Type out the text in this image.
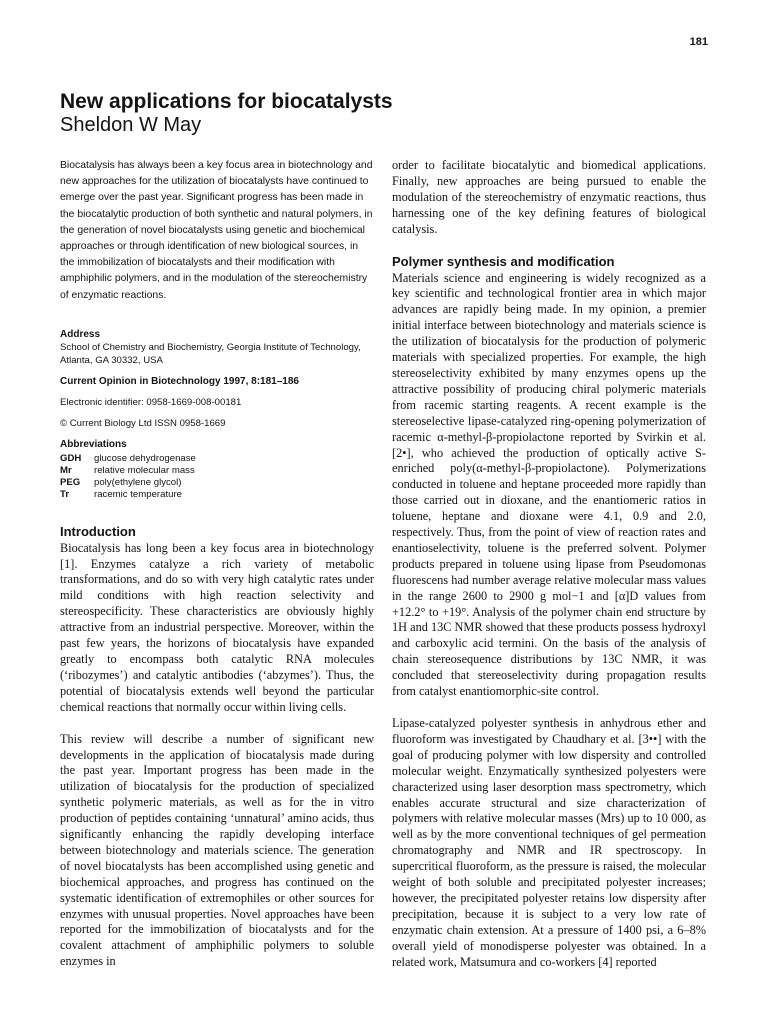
181
New applications for biocatalysts
Sheldon W May

Biocatalysis has always been a key focus area in biotechnology and new approaches for the utilization of biocatalysts have continued to emerge over the past year. Significant progress has been made in the biocatalytic production of both synthetic and natural polymers, in the generation of novel biocatalysts using genetic and biochemical approaches or through identification of new biological sources, in the immobilization of biocatalysts and their modification with amphiphilic polymers, and in the modulation of the stereochemistry of enzymatic reactions.

Address
School of Chemistry and Biochemistry, Georgia Institute of Technology, Atlanta, GA 30332, USA
Current Opinion in Biotechnology 1997, 8:181–186
Electronic identifier: 0958-1669-008-00181
© Current Biology Ltd ISSN 0958-1669
Abbreviations
GDH	glucose dehydrogenase
Mr	relative molecular mass
PEG	poly(ethylene glycol)
Tr	racemic temperature
Introduction

Biocatalysis has long been a key focus area in biotechnology [1]. Enzymes catalyze a rich variety of metabolic transformations, and do so with very high catalytic rates under mild conditions with high reaction selectivity and stereospecificity. These characteristics are obviously highly attractive from an industrial perspective. Moreover, within the past few years, the horizons of biocatalysis have expanded greatly to encompass both catalytic RNA molecules (‘ribozymes’) and catalytic antibodies (‘abzymes’). Thus, the potential of biocatalysis extends well beyond the particular chemical reactions that normally occur within living cells.

This review will describe a number of significant new developments in the application of biocatalysis made during the past year. Important progress has been made in the utilization of biocatalysis for the production of specialized synthetic polymeric materials, as well as for the in vitro production of peptides containing ‘unnatural’ amino acids, thus significantly enhancing the rapidly developing interface between biotechnology and materials science. The generation of novel biocatalysts has been accomplished using genetic and biochemical approaches, and progress has continued on the systematic identification of extremophiles or other sources for enzymes with unusual properties. Novel approaches have been reported for the immobilization of biocatalysts and for the covalent attachment of amphiphilic polymers to soluble enzymes in

order to facilitate biocatalytic and biomedical applications. Finally, new approaches are being pursued to enable the modulation of the stereochemistry of enzymatic reactions, thus harnessing one of the key defining features of biological catalysis.

Polymer synthesis and modification

Materials science and engineering is widely recognized as a key scientific and technological frontier area in which major advances are rapidly being made. In my opinion, a premier initial interface between biotechnology and materials science is the utilization of biocatalysis for the production of polymeric materials with specialized properties. For example, the high stereoselectivity exhibited by many enzymes opens up the attractive possibility of producing chiral polymeric materials from racemic starting reagents. A recent example is the stereoselective lipase-catalyzed ring-opening polymerization of racemic α-methyl-β-propiolactone reported by Svirkin et al. [2•], who achieved the production of optically active S-enriched poly(α-methyl-β-propiolactone). Polymerizations conducted in toluene and heptane proceeded more rapidly than those carried out in dioxane, and the enantiomeric ratios in toluene, heptane and dioxane were 4.1, 0.9 and 2.0, respectively. Thus, from the point of view of reaction rates and enantioselectivity, toluene is the preferred solvent. Polymer products prepared in toluene using lipase from Pseudomonas fluorescens had number average relative molecular mass values in the range 2600 to 2900 g mol−1 and [α]D values from +12.2° to +19°. Analysis of the polymer chain end structure by 1H and 13C NMR showed that these products possess hydroxyl and carboxylic acid termini. On the basis of the analysis of chain stereosequence distributions by 13C NMR, it was concluded that stereoselectivity during propagation results from catalyst enantiomorphic-site control.

Lipase-catalyzed polyester synthesis in anhydrous ether and fluoroform was investigated by Chaudhary et al. [3••] with the goal of producing polymer with low dispersity and controlled molecular weight. Enzymatically synthesized polyesters were characterized using laser desorption mass spectrometry, which enables accurate structural and size characterization of polymers with relative molecular masses (Mrs) up to 10 000, as well as by the more conventional techniques of gel permeation chromatography and NMR and IR spectroscopy. In supercritical fluoroform, as the pressure is raised, the molecular weight of both soluble and precipitated polyester increases; however, the precipitated polyester retains low dispersity after precipitation, because it is subject to a very low rate of enzymatic chain extension. At a pressure of 1400 psi, a 6–8% overall yield of monodisperse polyester was obtained. In a related work, Matsumura and co-workers [4] reported
